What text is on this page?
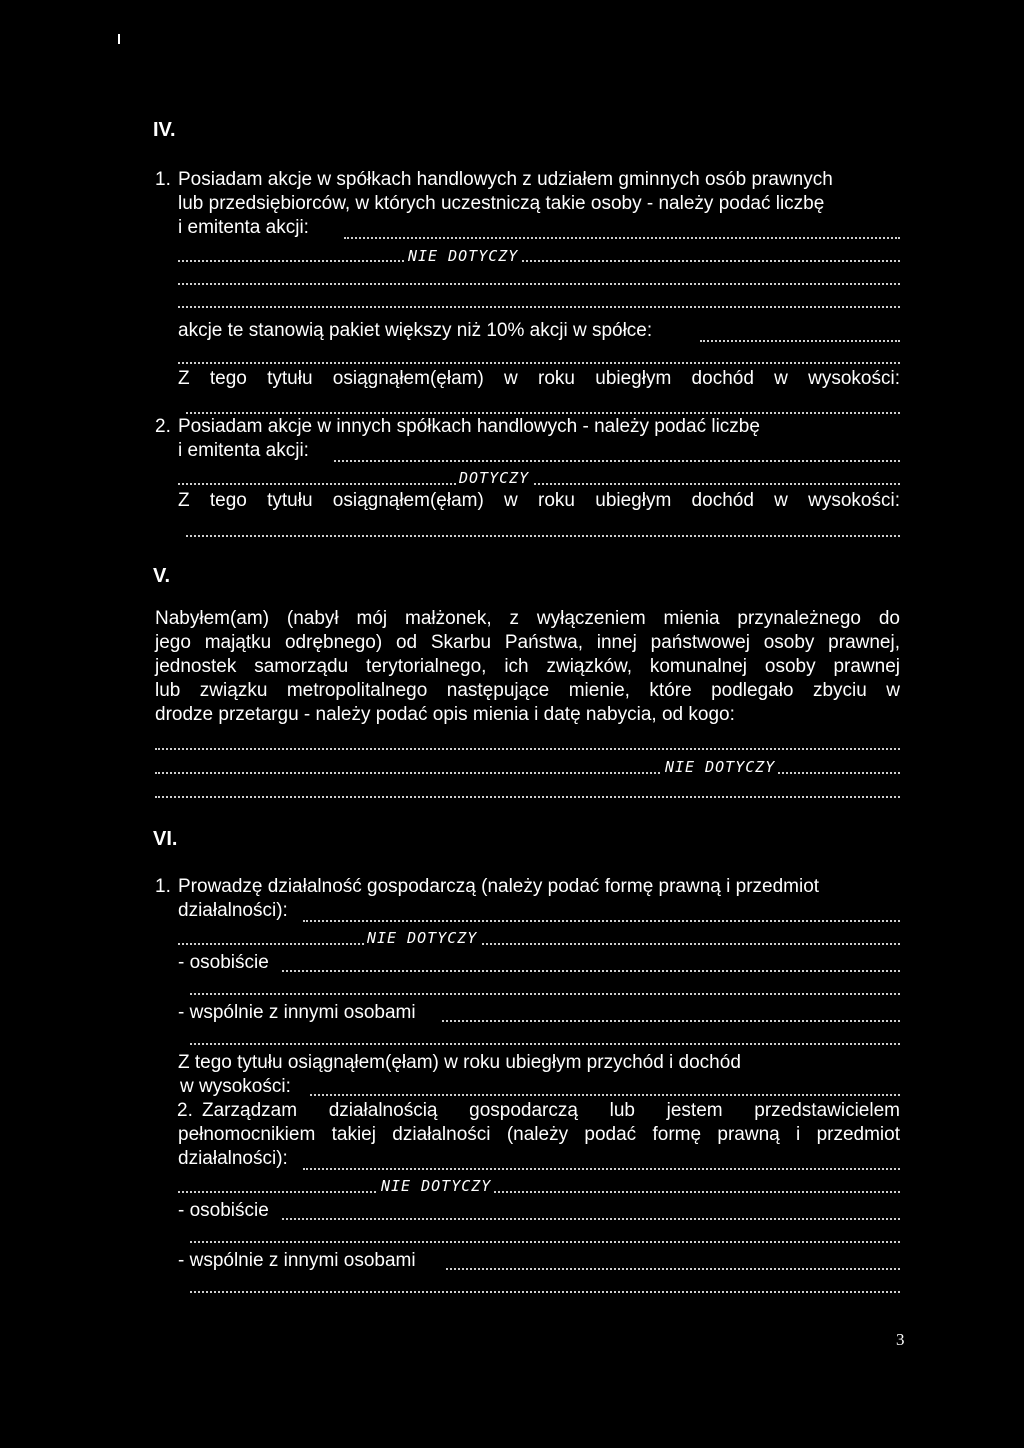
IV.
1. Posiadam akcje w spółkach handlowych z udziałem gminnych osób prawnych
lub przedsiębiorców, w których uczestniczą takie osoby - należy podać liczbę
i emitenta akcji:
NIE DOTYCZY
akcje te stanowią pakiet większy niż 10% akcji w spółce:
Z tego tytułu osiągnąłem(ęłam) w roku ubiegłym dochód w wysokości:
2. Posiadam akcje w innych spółkach handlowych - należy podać liczbę
i emitenta akcji:
DOTYCZY
Z tego tytułu osiągnąłem(ęłam) w roku ubiegłym dochód w wysokości:
V.
Nabyłem(am) (nabył mój małżonek, z wyłączeniem mienia przynależnego do
jego majątku odrębnego) od Skarbu Państwa, innej państwowej osoby prawnej,
jednostek samorządu terytorialnego, ich związków, komunalnej osoby prawnej
lub związku metropolitalnego następujące mienie, które podlegało zbyciu w
drodze przetargu - należy podać opis mienia i datę nabycia, od kogo:
NIE DOTYCZY
VI.
1. Prowadzę działalność gospodarczą (należy podać formę prawną i przedmiot
działalności):
NIE DOTYCZY
- osobiście
- wspólnie z innymi osobami
Z tego tytułu osiągnąłem(ęłam) w roku ubiegłym przychód i dochód
w wysokości:
2. Zarządzam działalnością gospodarczą lub jestem przedstawicielem
pełnomocnikiem takiej działalności (należy podać formę prawną i przedmiot
działalności):
NIE DOTYCZY
- osobiście
- wspólnie z innymi osobami
3
